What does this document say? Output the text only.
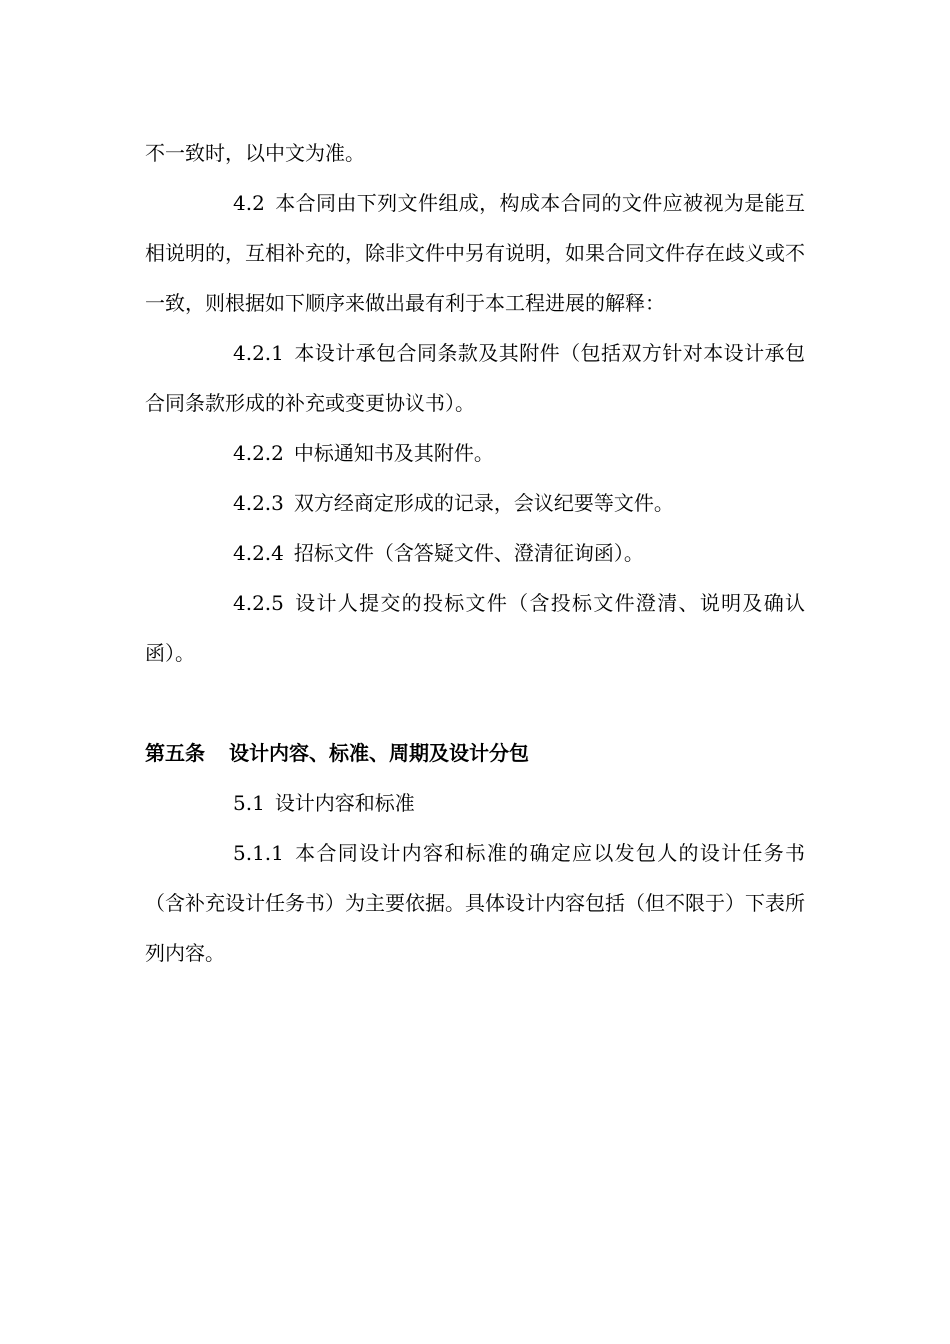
不一致时，以中文为准。

4.2 本合同由下列文件组成，构成本合同的文件应被视为是能互相说明的，互相补充的，除非文件中另有说明，如果合同文件存在歧义或不一致，则根据如下顺序来做出最有利于本工程进展的解释：

4.2.1 本设计承包合同条款及其附件（包括双方针对本设计承包合同条款形成的补充或变更协议书）。

4.2.2 中标通知书及其附件。

4.2.3 双方经商定形成的记录，会议纪要等文件。

4.2.4 招标文件（含答疑文件、澄清征询函）。

4.2.5 设计人提交的投标文件（含投标文件澄清、说明及确认函）。

第五条 设计内容、标准、周期及设计分包

5.1 设计内容和标准

5.1.1 本合同设计内容和标准的确定应以发包人的设计任务书（含补充设计任务书）为主要依据。具体设计内容包括（但不限于）下表所列内容。
